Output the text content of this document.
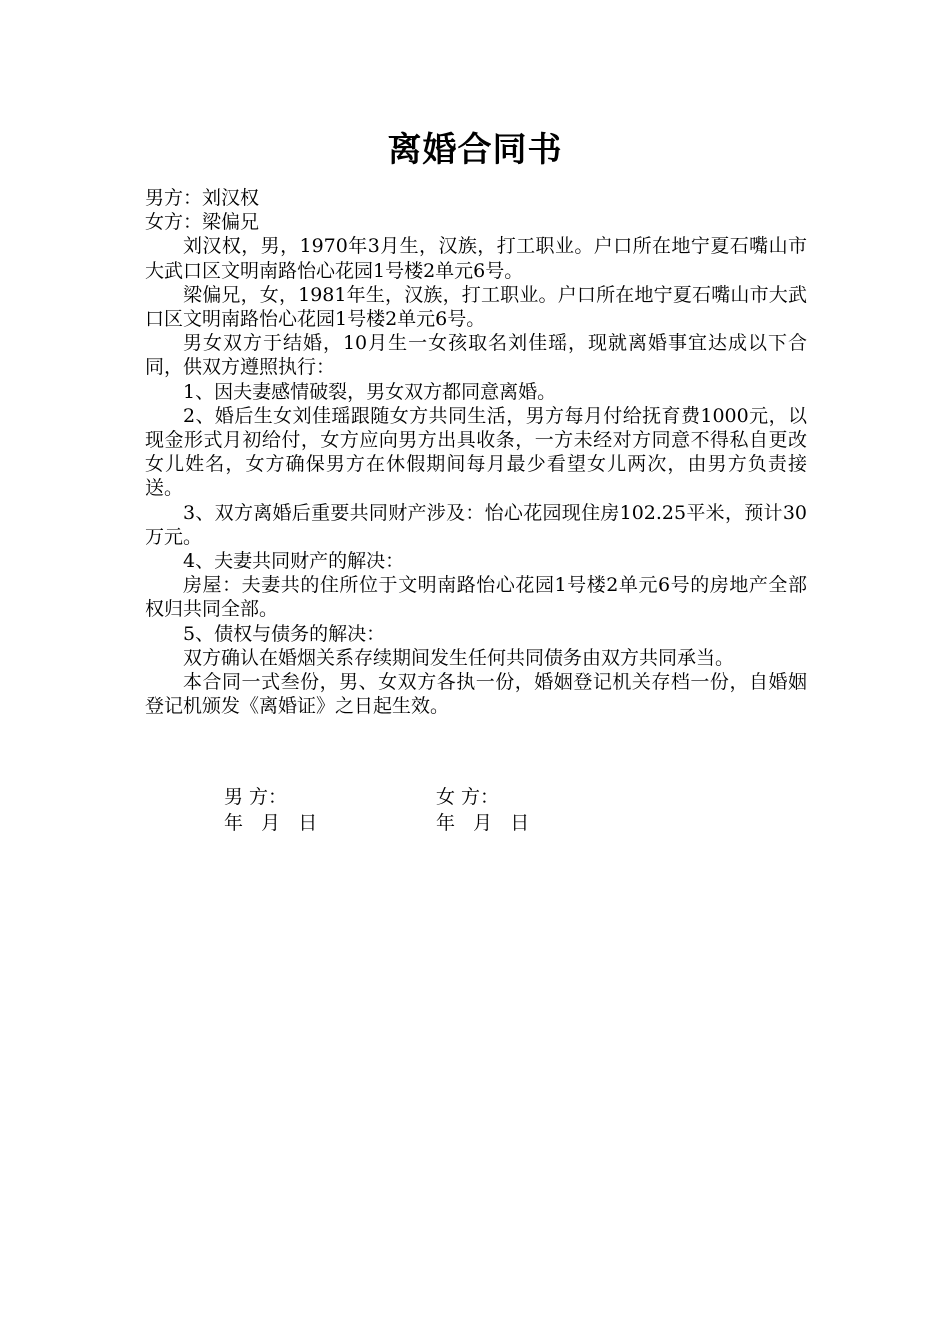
离婚合同书

男方：刘汉权

女方：梁偏兄

刘汉权，男，1970年3月生，汉族，打工职业。户口所在地宁夏石嘴山市大武口区文明南路怡心花园1号楼2单元6号。

梁偏兄，女，1981年生，汉族，打工职业。户口所在地宁夏石嘴山市大武口区文明南路怡心花园1号楼2单元6号。

男女双方于结婚，10月生一女孩取名刘佳瑶，现就离婚事宜达成以下合同，供双方遵照执行：

1、因夫妻感情破裂，男女双方都同意离婚。

2、婚后生女刘佳瑶跟随女方共同生活，男方每月付给抚育费1000元，以现金形式月初给付，女方应向男方出具收条，一方未经对方同意不得私自更改女儿姓名，女方确保男方在休假期间每月最少看望女儿两次，由男方负责接送。

3、双方离婚后重要共同财产涉及：怡心花园现住房102.25平米，预计30万元。

4、夫妻共同财产的解决：

房屋：夫妻共的住所位于文明南路怡心花园1号楼2单元6号的房地产全部权归共同全部。

5、债权与债务的解决：

双方确认在婚烟关系存续期间发生任何共同债务由双方共同承当。

本合同一式叁份，男、女双方各执一份，婚姻登记机关存档一份，自婚姻登记机颁发《离婚证》之日起生效。

男 方：	女 方：
年   月   日	年   月   日
